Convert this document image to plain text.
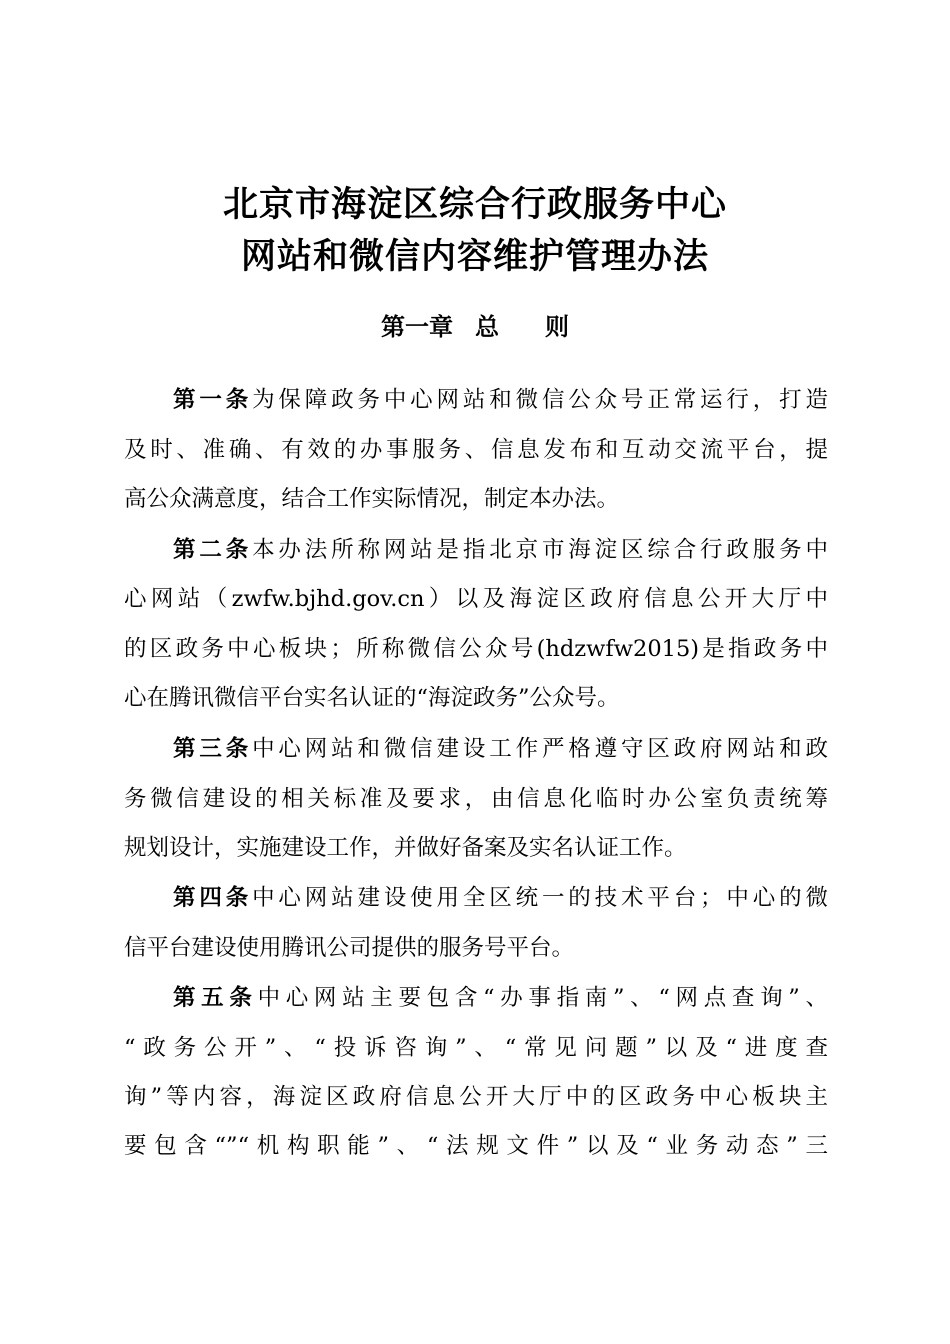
北京市海淀区综合行政服务中心
网站和微信内容维护管理办法
第一章 总 则
第一条为保障政务中心网站和微信公众号正常运行，打造
及时、准确、有效的办事服务、信息发布和互动交流平台，提
高公众满意度，结合工作实际情况，制定本办法。
第二条本办法所称网站是指北京市海淀区综合行政服务中
心网站（zwfw.bjhd.gov.cn）以及海淀区政府信息公开大厅中
的区政务中心板块；所称微信公众号(hdzwfw2015)是指政务中
心在腾讯微信平台实名认证的“海淀政务”公众号。
第三条中心网站和微信建设工作严格遵守区政府网站和政
务微信建设的相关标准及要求，由信息化临时办公室负责统筹
规划设计，实施建设工作，并做好备案及实名认证工作。
第四条中心网站建设使用全区统一的技术平台；中心的微
信平台建设使用腾讯公司提供的服务号平台。
第五条中心网站主要包含“办事指南”、“网点查询”、
“政务公开”、“投诉咨询”、“常见问题”以及“进度查
询”等内容，海淀区政府信息公开大厅中的区政务中心板块主
要包含“”“机构职能”、“法规文件”以及“业务动态”三
